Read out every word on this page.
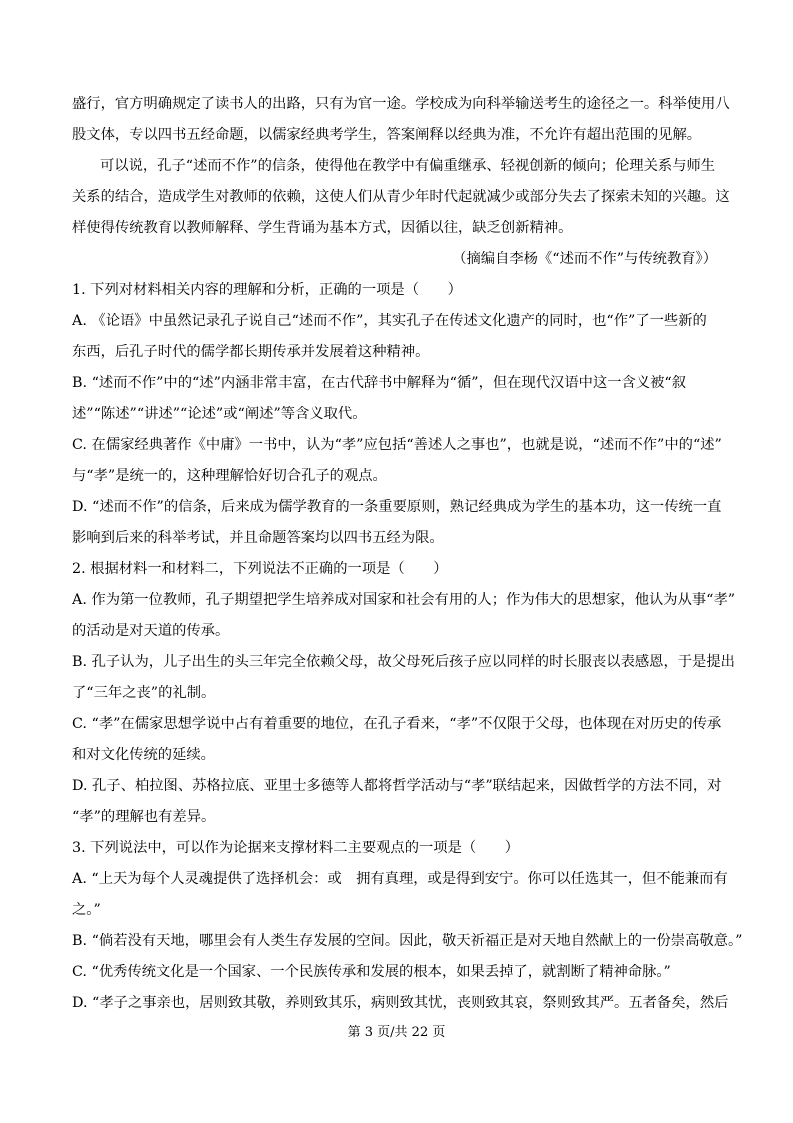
盛行，官方明确规定了读书人的出路，只有为官一途。学校成为向科举输送考生的途径之一。科举使用八
股文体，专以四书五经命题，以儒家经典考学生，答案阐释以经典为准，不允许有超出范围的见解。
可以说，孔子“述而不作”的信条，使得他在教学中有偏重继承、轻视创新的倾向；伦理关系与师生
关系的结合，造成学生对教师的依赖，这使人们从青少年时代起就减少或部分失去了探索未知的兴趣。这
样使得传统教育以教师解释、学生背诵为基本方式，因循以往，缺乏创新精神。
（摘编自李杨《“述而不作”与传统教育》）
1. 下列对材料相关内容的理解和分析，正确的一项是（　　）
A. 《论语》中虽然记录孔子说自己“述而不作”，其实孔子在传述文化遗产的同时，也“作”了一些新的
东西，后孔子时代的儒学都长期传承并发展着这种精神。
B. “述而不作”中的“述”内涵非常丰富，在古代辞书中解释为“循”，但在现代汉语中这一含义被“叙
述”“陈述”“讲述”“论述”或“阐述”等含义取代。
C. 在儒家经典著作《中庸》一书中，认为“孝”应包括“善述人之事也”，也就是说，“述而不作”中的“述”
与“孝”是统一的，这种理解恰好切合孔子的观点。
D. “述而不作”的信条，后来成为儒学教育的一条重要原则，熟记经典成为学生的基本功，这一传统一直
影响到后来的科举考试，并且命题答案均以四书五经为限。
2. 根据材料一和材料二，下列说法不正确的一项是（　　）
A. 作为第一位教师，孔子期望把学生培养成对国家和社会有用的人；作为伟大的思想家，他认为从事“孝”
的活动是对天道的传承。
B. 孔子认为，儿子出生的头三年完全依赖父母，故父母死后孩子应以同样的时长服丧以表感恩，于是提出
了“三年之丧”的礼制。
C. “孝”在儒家思想学说中占有着重要的地位，在孔子看来，“孝”不仅限于父母，也体现在对历史的传承
和对文化传统的延续。
D. 孔子、柏拉图、苏格拉底、亚里士多德等人都将哲学活动与“孝”联结起来，因做哲学的方法不同，对
“孝”的理解也有差异。
3. 下列说法中，可以作为论据来支撑材料二主要观点的一项是（　　）
A. “上天为每个人灵魂提供了选择机会：或　拥有真理，或是得到安宁。你可以任选其一，但不能兼而有
之。”
B. “倘若没有天地，哪里会有人类生存发展的空间。因此，敬天祈福正是对天地自然献上的一份崇高敬意。”
C. “优秀传统文化是一个国家、一个民族传承和发展的根本，如果丢掉了，就割断了精神命脉。”
D. “孝子之事亲也，居则致其敬，养则致其乐，病则致其忧，丧则致其哀，祭则致其严。五者备矣，然后
第 3 页/共 22 页
